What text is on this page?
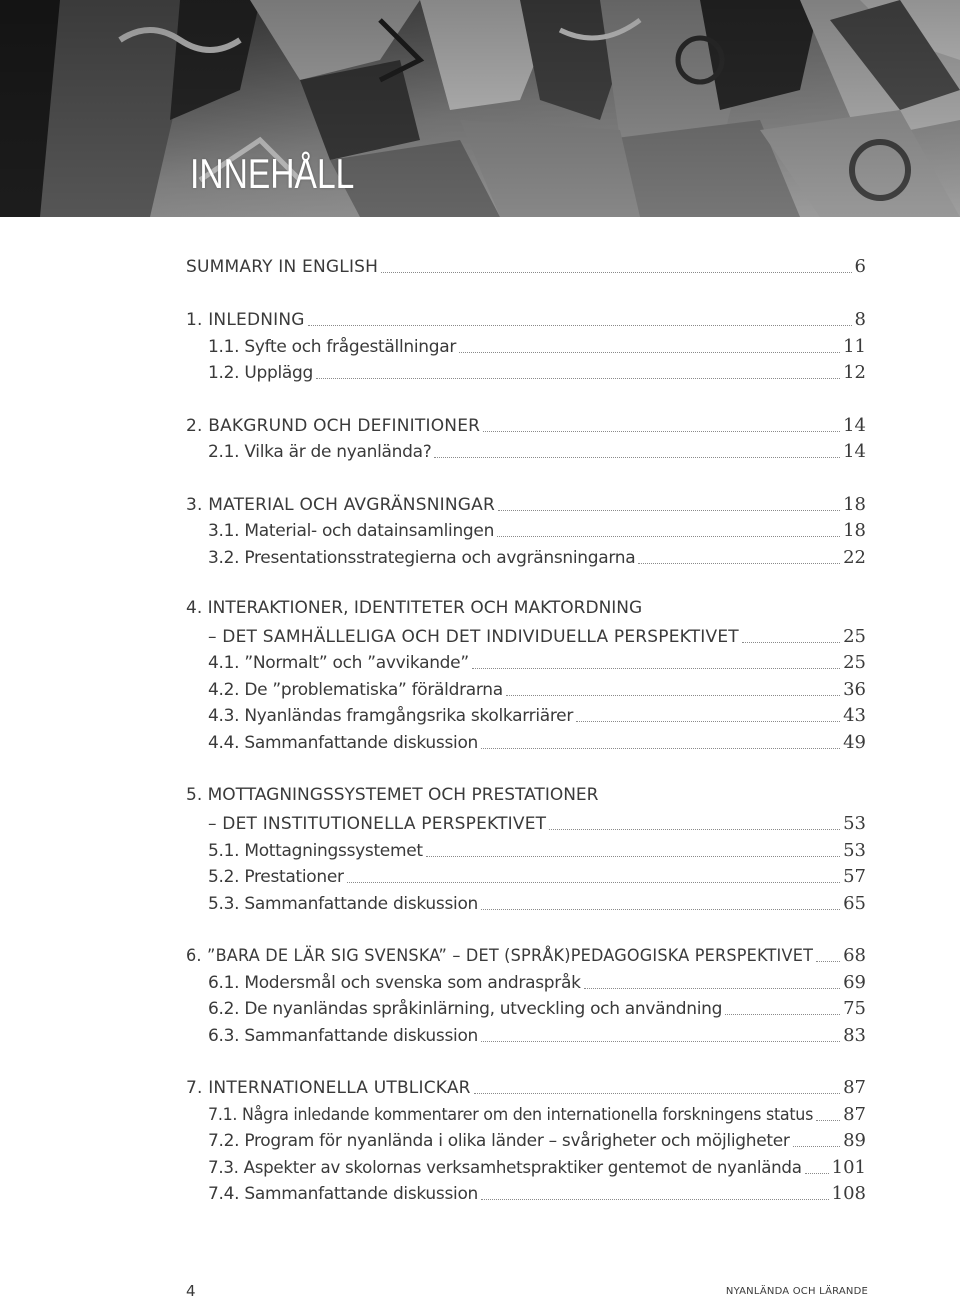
INNEHÅLL
SUMMARY IN ENGLISH	6
1. INLEDNING	8
1.1. Syfte och frågeställningar	11
1.2. Upplägg	12
2. BAKGRUND OCH DEFINITIONER	14
2.1. Vilka är de nyanlända?	14
3. MATERIAL OCH AVGRÄNSNINGAR	18
3.1. Material- och datainsamlingen	18
3.2. Presentationsstrategierna och avgränsningarna	22
4. INTERAKTIONER, IDENTITETER OCH MAKTORDNING
– DET SAMHÄLLELIGA OCH DET INDIVIDUELLA PERSPEKTIVET	25
4.1. ”Normalt” och ”avvikande”	25
4.2. De ”problematiska” föräldrarna	36
4.3. Nyanländas framgångsrika skolkarriärer	43
4.4. Sammanfattande diskussion	49
5. MOTTAGNINGSSYSTEMET OCH PRESTATIONER
– DET INSTITUTIONELLA PERSPEKTIVET	53
5.1. Mottagningssystemet	53
5.2. Prestationer	57
5.3. Sammanfattande diskussion	65
6. ”BARA DE LÄR SIG SVENSKA” – DET (SPRÅK)PEDAGOGISKA PERSPEKTIVET 68
6.1. Modersmål och svenska som andraspråk	69
6.2. De nyanländas språkinlärning, utveckling och användning	75
6.3. Sammanfattande diskussion	83
7. INTERNATIONELLA UTBLICKAR	87
7.1. Några inledande kommentarer om den internationella forskningens status 87
7.2. Program för nyanlända i olika länder – svårigheter och möjligheter	89
7.3. Aspekter av skolornas verksamhetspraktiker gentemot de nyanlända 101
7.4. Sammanfattande diskussion	108
4	NYANLÄNDA OCH LÄRANDE
